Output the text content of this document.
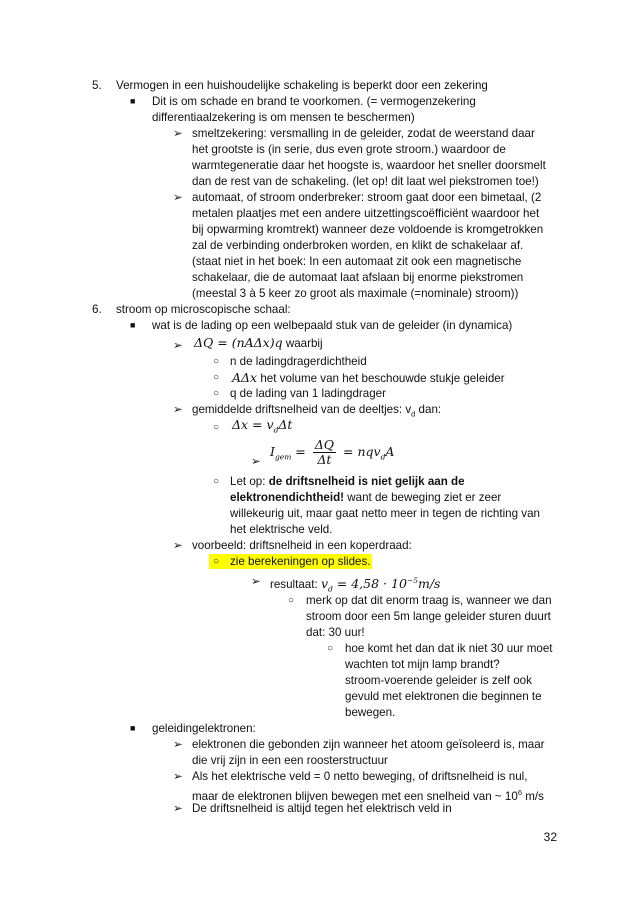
5. Vermogen in een huishoudelijke schakeling is beperkt door een zekering
■ Dit is om schade en brand te voorkomen. (= vermogenzekering
differentiaalzekering is om mensen te beschermen)
➢ smeltzekering: versmalling in de geleider, zodat de weerstand daar
het grootste is (in serie, dus even grote stroom.) waardoor de
warmtegeneratie daar het hoogste is, waardoor het sneller doorsmelt
dan de rest van de schakeling. (let op! dit laat wel piekstromen toe!)
➢ automaat, of stroom onderbreker: stroom gaat door een bimetaal, (2
metalen plaatjes met een andere uitzettingscoëfficiënt waardoor het
bij opwarming kromtrekt) wanneer deze voldoende is kromgetrokken
zal de verbinding onderbroken worden, en klikt de schakelaar af.
(staat niet in het boek: In een automaat zit ook een magnetische
schakelaar, die de automaat laat afslaan bij enorme piekstromen
(meestal 3 à 5 keer zo groot als maximale (=nominale) stroom))
6. stroom op microscopische schaal:
■ wat is de lading op een welbepaald stuk van de geleider (in dynamica)
➢ ΔQ = (nAΔx)q waarbij
○ n de ladingdragerdichtheid
○ AΔx het volume van het beschouwde stukje geleider
○ q de lading van 1 ladingdrager
➢ gemiddelde driftsnelheid van de deeltjes: $v_d$ dan:
○ $\Delta x = v_d\Delta t$
➢
$I_{gem} = \frac{\Delta Q}{\Delta t} = nqv_dA$
○ Let op: de driftsnelheid is niet gelijk aan de
elektronendichtheid! want de beweging ziet er zeer
willekeurig uit, maar gaat netto meer in tegen de richting van
het elektrische veld.
➢ voorbeeld: driftsnelheid in een koperdraad:
○ zie berekeningen op slides.
➢ resultaat: $v_d = 4,58 \cdot 10^{-5}m/s$
○ merk op dat dit enorm traag is, wanneer we dan
stroom door een 5m lange geleider sturen duurt
dat: 30 uur!
○ hoe komt het dan dat ik niet 30 uur moet
wachten tot mijn lamp brandt?
stroom-voerende geleider is zelf ook
gevuld met elektronen die beginnen te
bewegen.
■ geleidingelektronen:
➢ elektronen die gebonden zijn wanneer het atoom geïsoleerd is, maar
die vrij zijn in een een roosterstructuur
➢ Als het elektrische veld = 0 netto beweging, of driftsnelheid is nul,
maar de elektronen blijven bewegen met een snelheid van ~ $10^6$ m/s
➢ De driftsnelheid is altijd tegen het elektrisch veld in
32
